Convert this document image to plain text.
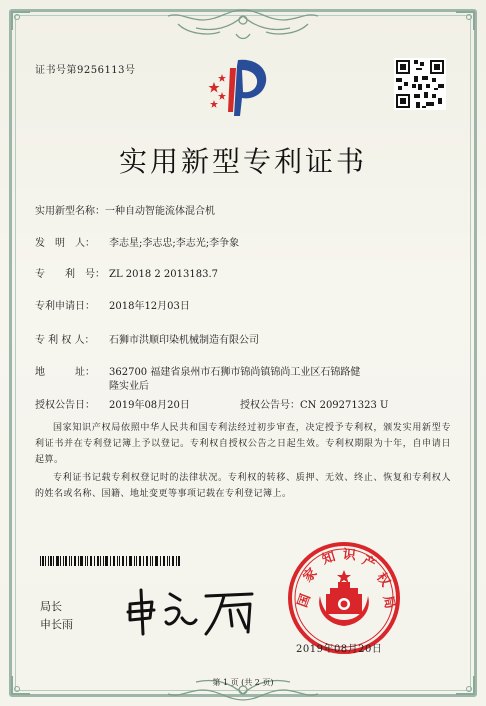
证书号第9256113号
实用新型专利证书
实用新型名称：一种自动智能流体混合机
发　明　人： 李志星;李志忠;李志光;李争象
专　　利　号： ZL 2018 2 2013183.7
专利申请日： 2018年12月03日
专 利 权 人： 石狮市洪顺印染机械制造有限公司
地　　　址： 362700 福建省泉州市石狮市锦尚镇锦尚工业区石锦路健
隆实业后
授权公告日： 2019年08月20日	授权公告号：CN 209271323 U
国家知识产权局依照中华人民共和国专利法经过初步审查，决定授予专利权，颁发实用新型专利证书并在专利登记簿上予以登记。专利权自授权公告之日起生效。专利权期限为十年，自申请日起算。
专利证书记载专利权登记时的法律状况。专利权的转移、质押、无效、终止、恢复和专利权人的姓名或名称、国籍、地址变更等事项记载在专利登记簿上。
局长
申长雨
国
家
知 识 产
权
局
2019年08月20日
第 1 页 (共 2 页)
